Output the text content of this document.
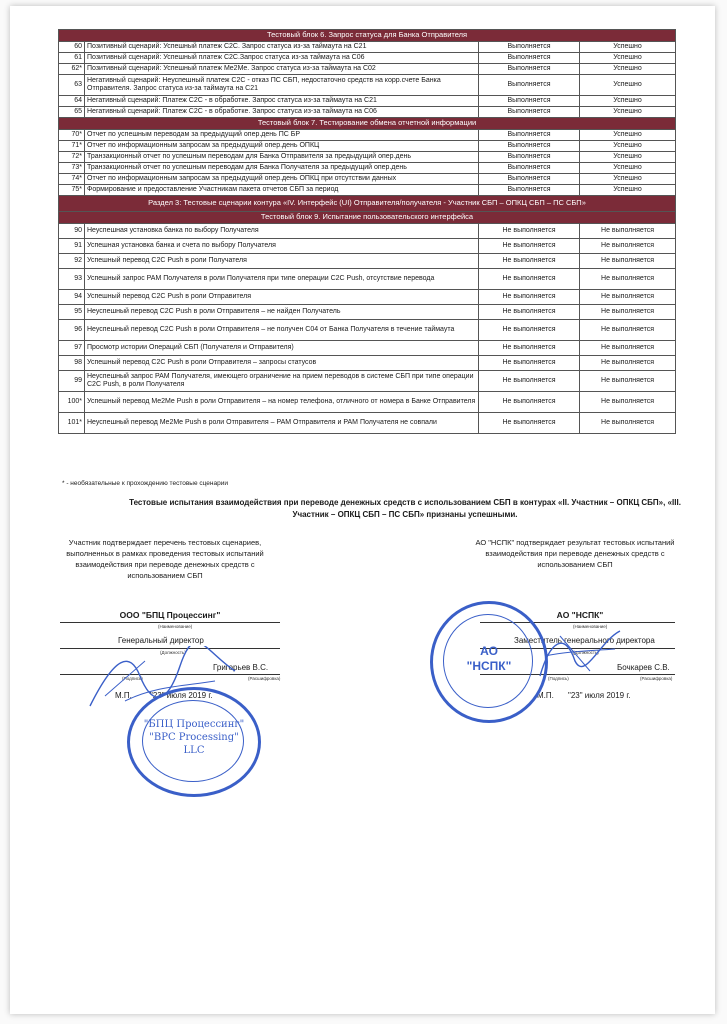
Тестовый блок 6. Запрос статуса для Банка Отправителя			
60	Позитивный сценарий: Успешный платеж C2C. Запрос статуса из-за таймаута на C21	Выполняется	Успешно
61	Позитивный сценарий: Успешный платеж C2C.Запрос статуса из-за таймаута на C06	Выполняется	Успешно
62*	Позитивный сценарий: Успешный платеж Me2Me. Запрос статуса из-за таймаута на C02	Выполняется	Успешно
63	Негативный сценарий: Неуспешный платеж C2C - отказ ПС СБП, недостаточно средств на корр.счете Банка Отправителя. Запрос статуса из-за таймаута на C21	Выполняется	Успешно
64	Негативный сценарий: Платеж C2C - в обработке. Запрос статуса из-за таймаута на C21	Выполняется	Успешно
65	Негативный сценарий: Платеж C2C - в обработке. Запрос статуса из-за таймаута на C06	Выполняется	Успешно
Тестовый блок 7. Тестирование обмена отчетной информации			
70*	Отчет по успешным переводам за предыдущий опер.день ПС БР	Выполняется	Успешно
71*	Отчет по информационным запросам за предыдущий опер.день ОПКЦ	Выполняется	Успешно
72*	Транзакционный отчет по успешным переводам для Банка Отправителя за предыдущий опер.день	Выполняется	Успешно
73*	Транзакционный отчет по успешным переводам для Банка Получателя за предыдущий опер.день	Выполняется	Успешно
74*	Отчет по информационным запросам за предыдущий опер.день ОПКЦ при отсутствии данных	Выполняется	Успешно
75*	Формирование и предоставление Участникам пакета отчетов СБП за период	Выполняется	Успешно
Раздел 3: Тестовые сценарии контура «IV. Интерфейс (UI) Отправителя/получателя - Участник СБП – ОПКЦ СБП – ПС СБП»			
Тестовый блок 9. Испытание пользовательского интерфейса			
90	Неуспешная установка банка по выбору Получателя	Не выполняется	Не выполняется
91	Успешная установка банка и счета по выбору Получателя	Не выполняется	Не выполняется
92	Успешный перевод C2C Push в роли Получателя	Не выполняется	Не выполняется
93	Успешный запрос PAM Получателя в роли Получателя при типе операции C2C Push, отсутствие перевода	Не выполняется	Не выполняется
94	Успешный перевод C2C Push в роли Отправителя	Не выполняется	Не выполняется
95	Неуспешный перевод C2C Push в роли Отправителя – не найден Получатель	Не выполняется	Не выполняется
96	Неуспешный перевод C2C Push в роли Отправителя – не получен C04 от Банка Получателя в течение таймаута	Не выполняется	Не выполняется
97	Просмотр истории Операций СБП (Получателя и Отправителя)	Не выполняется	Не выполняется
98	Успешный перевод C2C Push в роли Отправителя – запросы статусов	Не выполняется	Не выполняется
99	Неуспешный запрос PAM Получателя, имеющего ограничение на прием переводов в системе СБП при типе операции C2C Push, в роли Получателя	Не выполняется	Не выполняется
100*	Успешный перевод Me2Me Push в роли Отправителя – на номер телефона, отличного от номера в Банке Отправителя	Не выполняется	Не выполняется
101*	Неуспешный перевод Me2Me Push в роли Отправителя – PAM Отправителя и PAM Получателя не совпали	Не выполняется	Не выполняется
* - необязательные к прохождению тестовые сценарии
Тестовые испытания взаимодействия при переводе денежных средств с использованием СБП в контурах «II. Участник – ОПКЦ СБП», «III. Участник – ОПКЦ СБП – ПС СБП» признаны успешными.
Участник подтверждает перечень тестовых сценариев, выполненных в рамках проведения тестовых испытаний взаимодействия при переводе денежных средств с использованием СБП
ООО "БПЦ Процессинг"
(Наименование)
Генеральный директор
(Должность)
Григорьев В.С.
(Подпись)	(Расшифровка)
М.П. "23" июля 2019 г.
"БПЦ Процессинг"
"BPC Processing"
LLC
АО "НСПК" подтверждает результат тестовых испытаний взаимодействия при переводе денежных средств с использованием СБП
АО "НСПК"
(Наименование)
Заместитель генерального директора
(Должность)
Бочкарев С.В.
(Подпись)	(Расшифровка)
М.П. "23" июля 2019 г.
АО
"НСПК"
